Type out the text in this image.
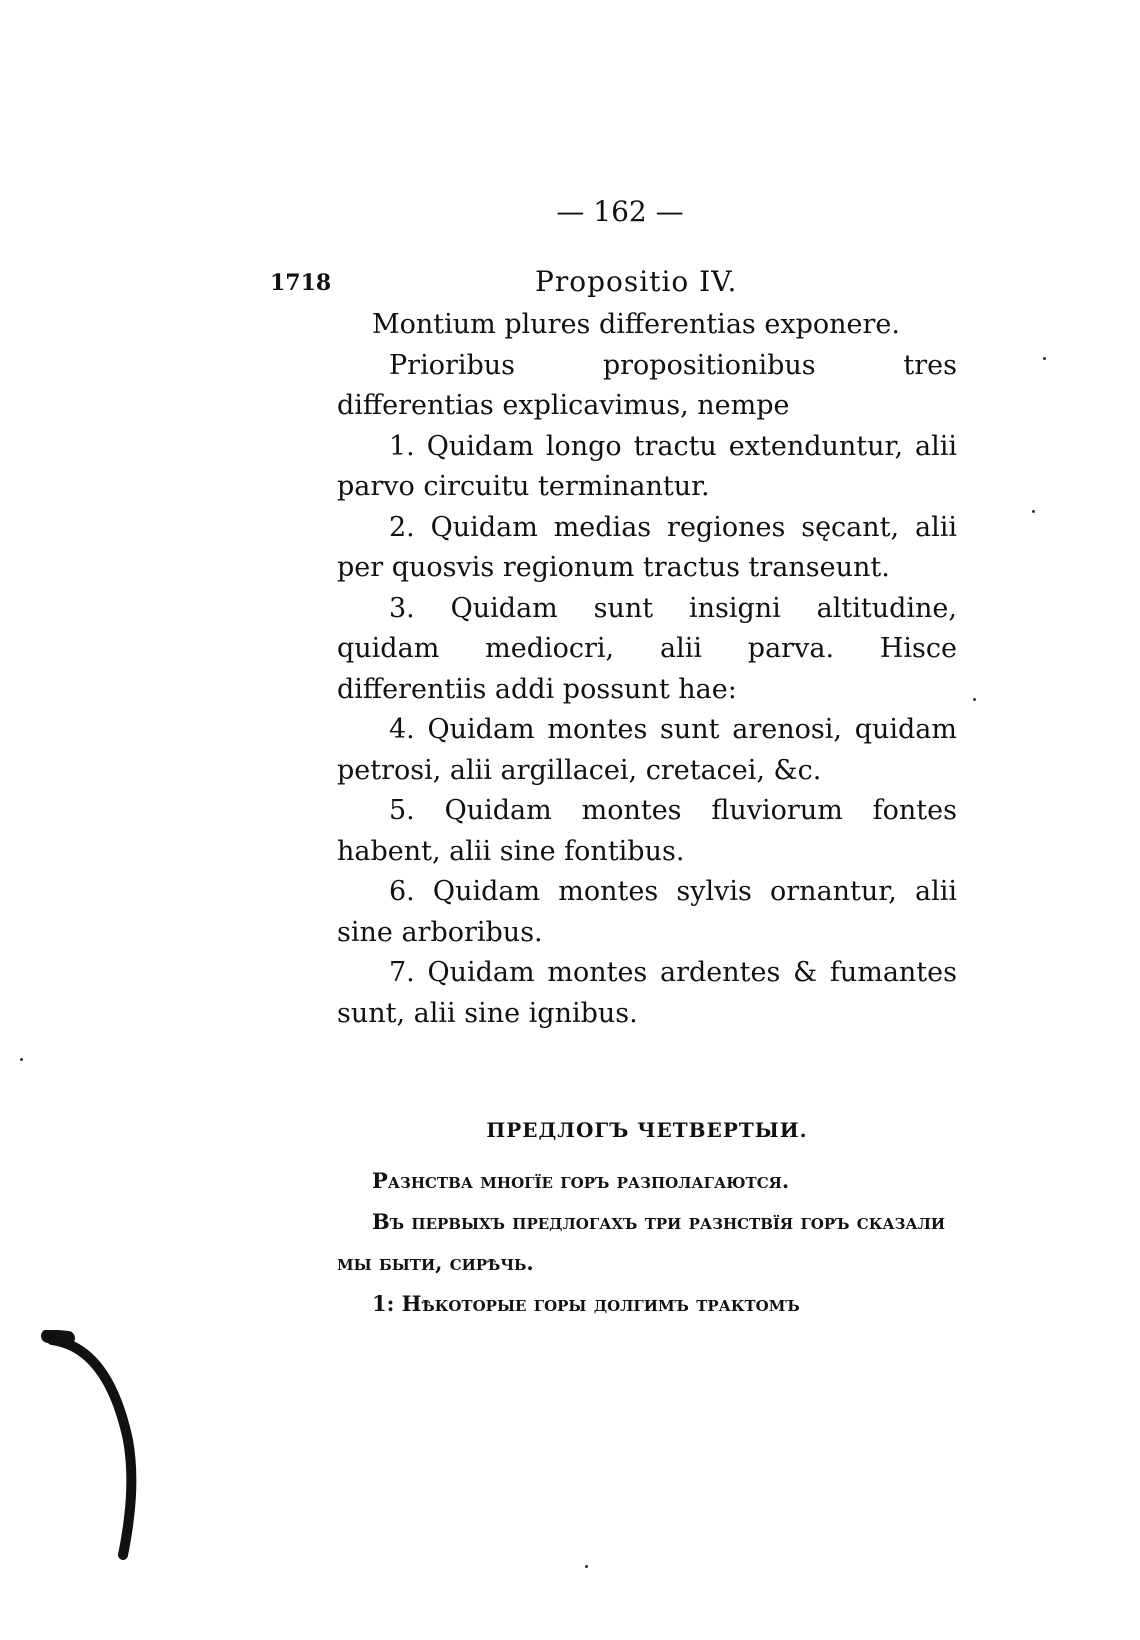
— 162 —
1718	Propositio IV.

Montium plures differentias exponere.

Prioribus propositionibus tres differentias explicavimus, nempe

1. Quidam longo tractu extenduntur, alii parvo circuitu terminantur.

2. Quidam medias regiones sęcant, alii per quosvis regionum tractus transeunt.

3. Quidam sunt insigni altitudine, quidam mediocri, alii parva. Hisce differentiis addi possunt hae:

4. Quidam montes sunt arenosi, quidam petrosi, alii argillacei, cretacei, &c.

5. Quidam montes fluviorum fontes habent, alii sine fontibus.

6. Quidam montes sylvis ornantur, alii sine arboribus.

7. Quidam montes ardentes & fumantes sunt, alii sine ignibus.

ПРЕДЛОГЪ ЧЕТВЕРТЫИ.

Разнства многїе горъ разполагаются.

Въ первыхъ предлогахъ три разнствїя горъ сказали мы быти, сирѣчь.

1: Нѣкоторые горы долгимъ трактомъ
